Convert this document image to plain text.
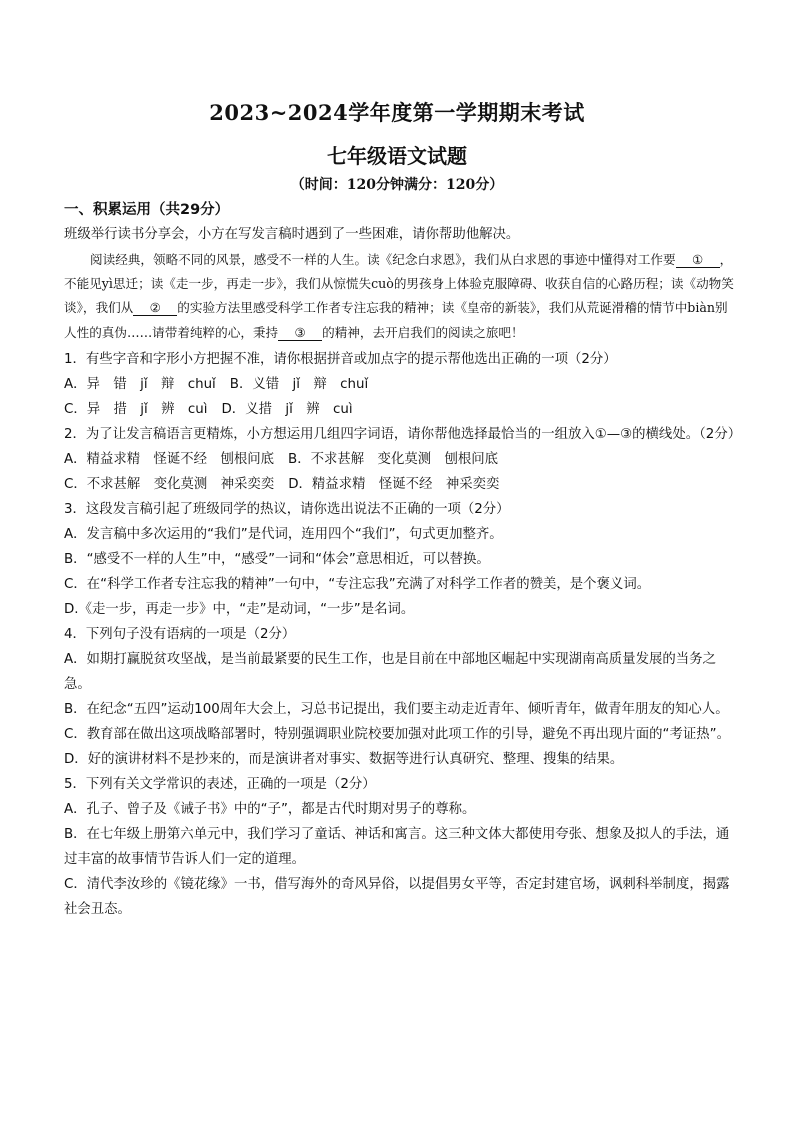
2023~2024学年度第一学期期末考试
七年级语文试题
（时间：120分钟满分：120分）
一、积累运用（共29分）

班级举行读书分享会，小方在写发言稿时遇到了一些困难，请你帮助他解决。

阅读经典，领略不同的风景，感受不一样的人生。读《纪念白求恩》，我们从白求恩的事迹中懂得对工作要 ① ，不能见yì思迁；读《走一步，再走一步》，我们从惊慌失cuò的男孩身上体验克服障碍、收获自信的心路历程；读《动物笑谈》，我们从 ② 的实验方法里感受科学工作者专注忘我的精神；读《皇帝的新装》，我们从荒诞滑稽的情节中biàn别人性的真伪……请带着纯粹的心，秉持 ③ 的精神，去开启我们的阅读之旅吧！

1．有些字音和字形小方把握不准，请你根据拼音或加点字的提示帮他选出正确的一项（2分）

A．异　错　jǐ　辩　chuǐ B．义错　jǐ　辩　chuǐ
C．异　措　jǐ　辨　cuì D．义措　jǐ　辨　cuì

2．为了让发言稿语言更精炼，小方想运用几组四字词语，请你帮他选择最恰当的一组放入①—③的横线处。（2分）

A．精益求精　怪诞不经　刨根问底 B．不求甚解　变化莫测　刨根问底
C．不求甚解　变化莫测　神采奕奕 D．精益求精　怪诞不经　神采奕奕

3．这段发言稿引起了班级同学的热议，请你选出说法不正确的一项（2分）

A．发言稿中多次运用的“我们”是代词，连用四个“我们”，句式更加整齐。

B．“感受不一样的人生”中，“感受”一词和“体会”意思相近，可以替换。

C．在“科学工作者专注忘我的精神”一句中，“专注忘我”充满了对科学工作者的赞美，是个褒义词。

D.《走一步，再走一步》中，“走”是动词，“一步”是名词。

4．下列句子没有语病的一项是（2分）

A．如期打赢脱贫攻坚战，是当前最紧要的民生工作，也是目前在中部地区崛起中实现湖南高质量发展的当务之急。

B．在纪念“五四”运动100周年大会上，习总书记提出，我们要主动走近青年、倾听青年，做青年朋友的知心人。

C．教育部在做出这项战略部署时，特别强调职业院校要加强对此项工作的引导，避免不再出现片面的“考证热”。

D．好的演讲材料不是抄来的，而是演讲者对事实、数据等进行认真研究、整理、搜集的结果。

5．下列有关文学常识的表述，正确的一项是（2分）

A．孔子、曾子及《诫子书》中的“子”，都是古代时期对男子的尊称。

B．在七年级上册第六单元中，我们学习了童话、神话和寓言。这三种文体大都使用夸张、想象及拟人的手法，通过丰富的故事情节告诉人们一定的道理。

C．清代李汝珍的《镜花缘》一书，借写海外的奇风异俗，以提倡男女平等，否定封建官场，讽刺科举制度，揭露社会丑态。
